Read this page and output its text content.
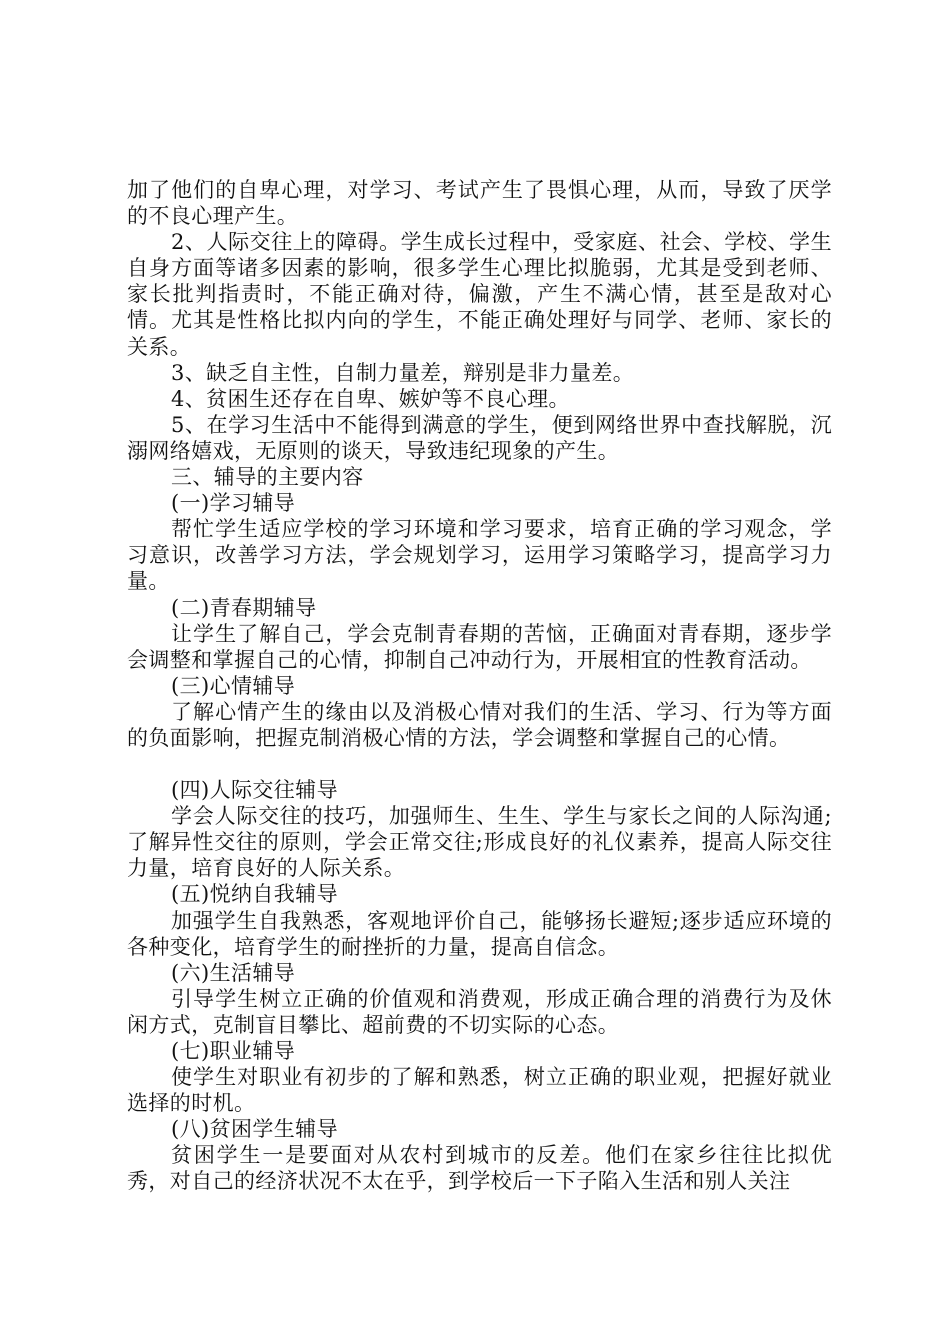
加了他们的自卑心理，对学习、考试产生了畏惧心理，从而，导致了厌学的不良心理产生。

2、人际交往上的障碍。学生成长过程中，受家庭、社会、学校、学生自身方面等诸多因素的影响，很多学生心理比拟脆弱，尤其是受到老师、家长批判指责时，不能正确对待，偏激，产生不满心情，甚至是敌对心情。尤其是性格比拟内向的学生，不能正确处理好与同学、老师、家长的关系。

3、缺乏自主性，自制力量差，辩别是非力量差。

4、贫困生还存在自卑、嫉妒等不良心理。

5、在学习生活中不能得到满意的学生，便到网络世界中查找解脱，沉溺网络嬉戏，无原则的谈天，导致违纪现象的产生。

三、辅导的主要内容

(一)学习辅导

帮忙学生适应学校的学习环境和学习要求，培育正确的学习观念，学习意识，改善学习方法，学会规划学习，运用学习策略学习，提高学习力量。

(二)青春期辅导

让学生了解自己，学会克制青春期的苦恼，正确面对青春期，逐步学会调整和掌握自己的心情，抑制自己冲动行为，开展相宜的性教育活动。

(三)心情辅导

了解心情产生的缘由以及消极心情对我们的生活、学习、行为等方面的负面影响，把握克制消极心情的方法，学会调整和掌握自己的心情。

(四)人际交往辅导

学会人际交往的技巧，加强师生、生生、学生与家长之间的人际沟通;了解异性交往的原则，学会正常交往;形成良好的礼仪素养，提高人际交往力量，培育良好的人际关系。

(五)悦纳自我辅导

加强学生自我熟悉，客观地评价自己，能够扬长避短;逐步适应环境的各种变化，培育学生的耐挫折的力量，提高自信念。

(六)生活辅导

引导学生树立正确的价值观和消费观，形成正确合理的消费行为及休闲方式，克制盲目攀比、超前费的不切实际的心态。

(七)职业辅导

使学生对职业有初步的了解和熟悉，树立正确的职业观，把握好就业选择的时机。

(八)贫困学生辅导

贫困学生一是要面对从农村到城市的反差。他们在家乡往往比拟优秀，对自己的经济状况不太在乎，到学校后一下子陷入生活和别人关注
